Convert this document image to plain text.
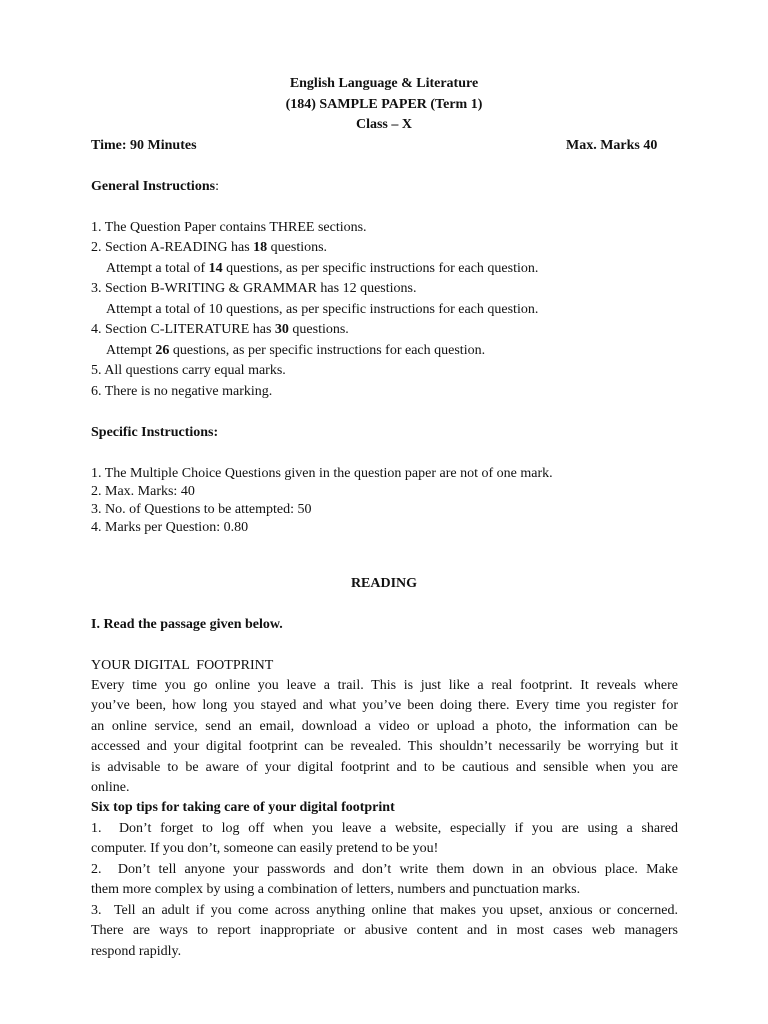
English Language & Literature
(184) SAMPLE PAPER (Term 1)
Class – X
Time: 90 Minutes	Max. Marks 40
General Instructions:
1. The Question Paper contains THREE sections.
2. Section A-READING has 18 questions.
Attempt a total of 14 questions, as per specific instructions for each question.
3. Section B-WRITING & GRAMMAR has 12 questions.
Attempt a total of 10 questions, as per specific instructions for each question.
4. Section C-LITERATURE has 30 questions.
Attempt 26 questions, as per specific instructions for each question.
5. All questions carry equal marks.
6. There is no negative marking.
Specific Instructions:
1. The Multiple Choice Questions given in the question paper are not of one mark.
2. Max. Marks: 40
3. No. of Questions to be attempted: 50
4. Marks per Question: 0.80
READING
I. Read the passage given below.
YOUR DIGITAL  FOOTPRINT
Every time you go online you leave a trail. This is just like a real footprint. It reveals where
you’ve been, how long you stayed and what you’ve been doing there. Every time you register for
an online service, send an email, download a video or upload a photo, the information can be
accessed and your digital footprint can be revealed. This shouldn’t necessarily be worrying but it
is advisable to be aware of your digital footprint and to be cautious and sensible when you are
online.
Six top tips for taking care of your digital footprint
1.  Don’t forget to log off when you leave a website, especially if you are using a shared
computer. If you don’t, someone can easily pretend to be you!
2.  Don’t tell anyone your passwords and don’t write them down in an obvious place. Make
them more complex by using a combination of letters, numbers and punctuation marks.
3.  Tell an adult if you come across anything online that makes you upset, anxious or concerned.
There are ways to report inappropriate or abusive content and in most cases web managers
respond rapidly.
